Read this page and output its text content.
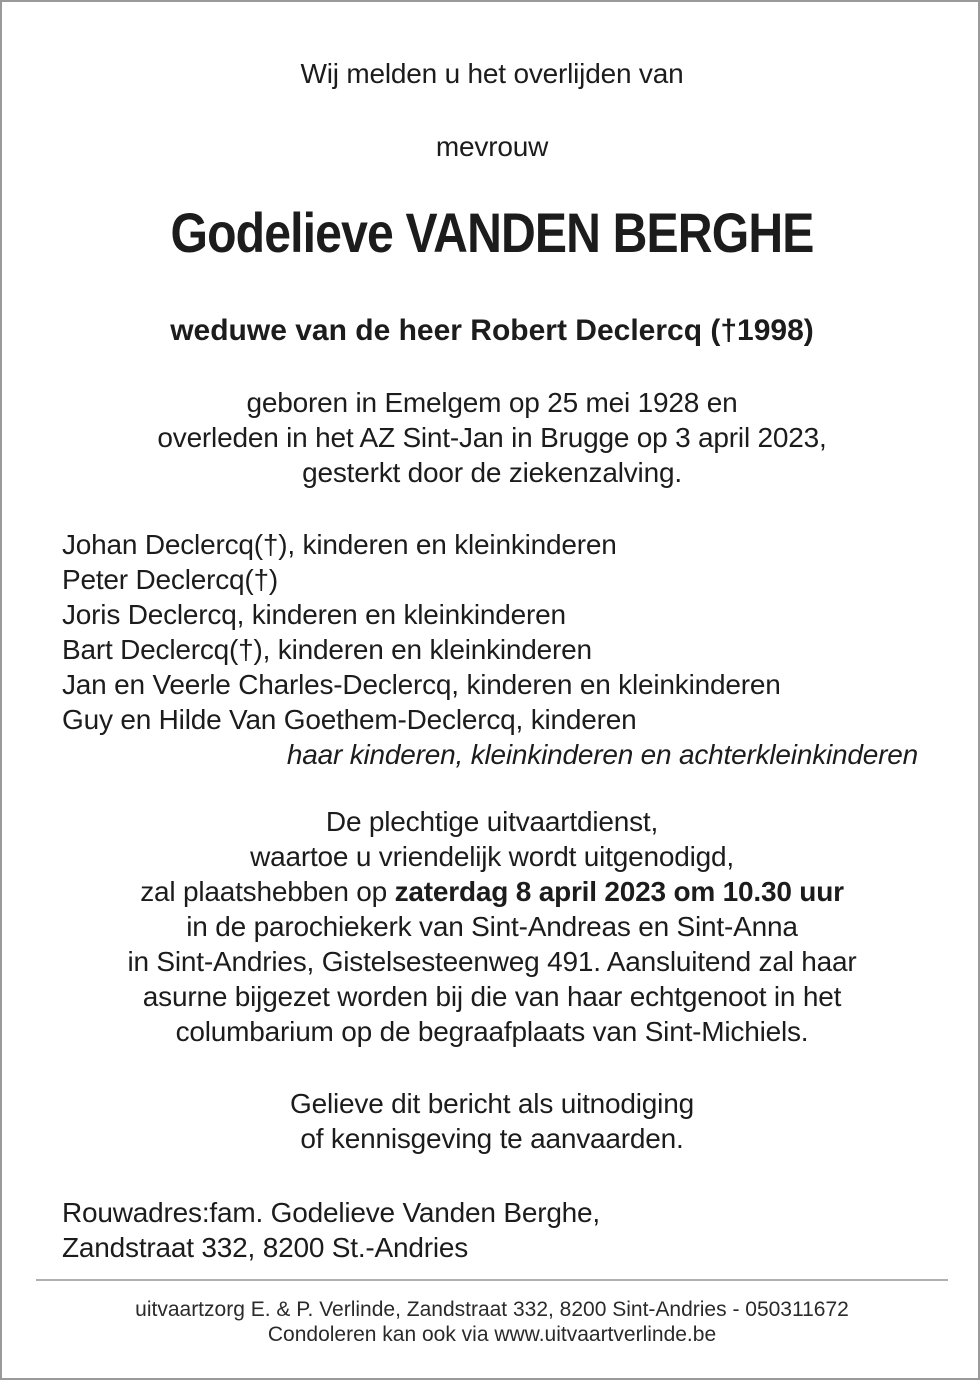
Wij melden u het overlijden van
mevrouw
Godelieve VANDEN BERGHE
weduwe van de heer Robert Declercq (†1998)
geboren in Emelgem op 25 mei 1928 en
overleden in het AZ Sint-Jan in Brugge op 3 april 2023,
gesterkt door de ziekenzalving.
Johan Declercq(†), kinderen en kleinkinderen
Peter Declercq(†)
Joris Declercq, kinderen en kleinkinderen
Bart Declercq(†), kinderen en kleinkinderen
Jan en Veerle Charles-Declercq, kinderen en kleinkinderen
Guy en Hilde Van Goethem-Declercq, kinderen
haar kinderen, kleinkinderen en achterkleinkinderen
De plechtige uitvaartdienst,
waartoe u vriendelijk wordt uitgenodigd,
zal plaatshebben op zaterdag 8 april 2023 om 10.30 uur
in de parochiekerk van Sint-Andreas en Sint-Anna
in Sint-Andries, Gistelsesteenweg 491. Aansluitend zal haar
asurne bijgezet worden bij die van haar echtgenoot in het
columbarium op de begraafplaats van Sint-Michiels.
Gelieve dit bericht als uitnodiging
of kennisgeving te aanvaarden.
Rouwadres:fam. Godelieve Vanden Berghe,
Zandstraat 332, 8200 St.-Andries
uitvaartzorg E. & P. Verlinde, Zandstraat 332, 8200 Sint-Andries - 050311672
Condoleren kan ook via www.uitvaartverlinde.be
